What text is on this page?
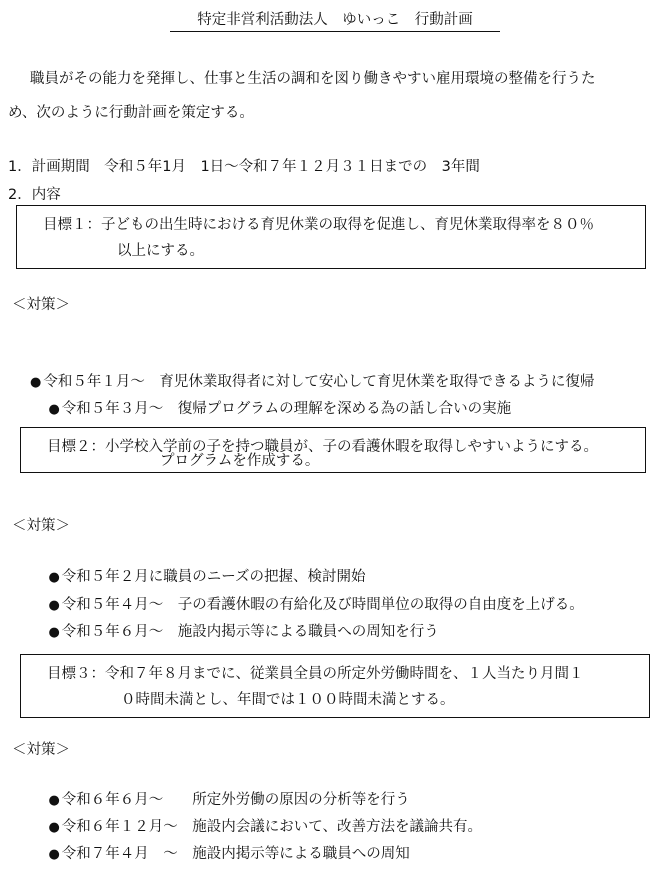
特定非営利活動法人　ゆいっこ　行動計画
職員がその能力を発揮し、仕事と生活の調和を図り働きやすい雇用環境の整備を行うた
め、次のように行動計画を策定する。
1．計画期間　令和５年1月　1日～令和７年１２月３１日までの　3年間
2．内容
目標１：子どもの出生時における育児休業の取得を促進し、育児休業取得率を８０％
以上にする。
＜対策＞

● 令和５年１月～　育児休業取得者に対して安心して育児休業を取得できるように復帰

プログラムを作成する。

● 令和５年３月～　復帰プログラムの理解を深める為の話し合いの実施

目標２：小学校入学前の子を持つ職員が、子の看護休暇を取得しやすいようにする。
＜対策＞

● 令和５年２月に職員のニーズの把握、検討開始

● 令和５年４月～　子の看護休暇の有給化及び時間単位の取得の自由度を上げる。

● 令和５年６月～　施設内掲示等による職員への周知を行う

目標３：令和７年８月までに、従業員全員の所定外労働時間を、１人当たり月間１
０時間未満とし、年間では１００時間未満とする。
＜対策＞

● 令和６年６月～　　所定外労働の原因の分析等を行う

● 令和６年１２月～　施設内会議において、改善方法を議論共有。

● 令和７年４月　～　施設内掲示等による職員への周知
